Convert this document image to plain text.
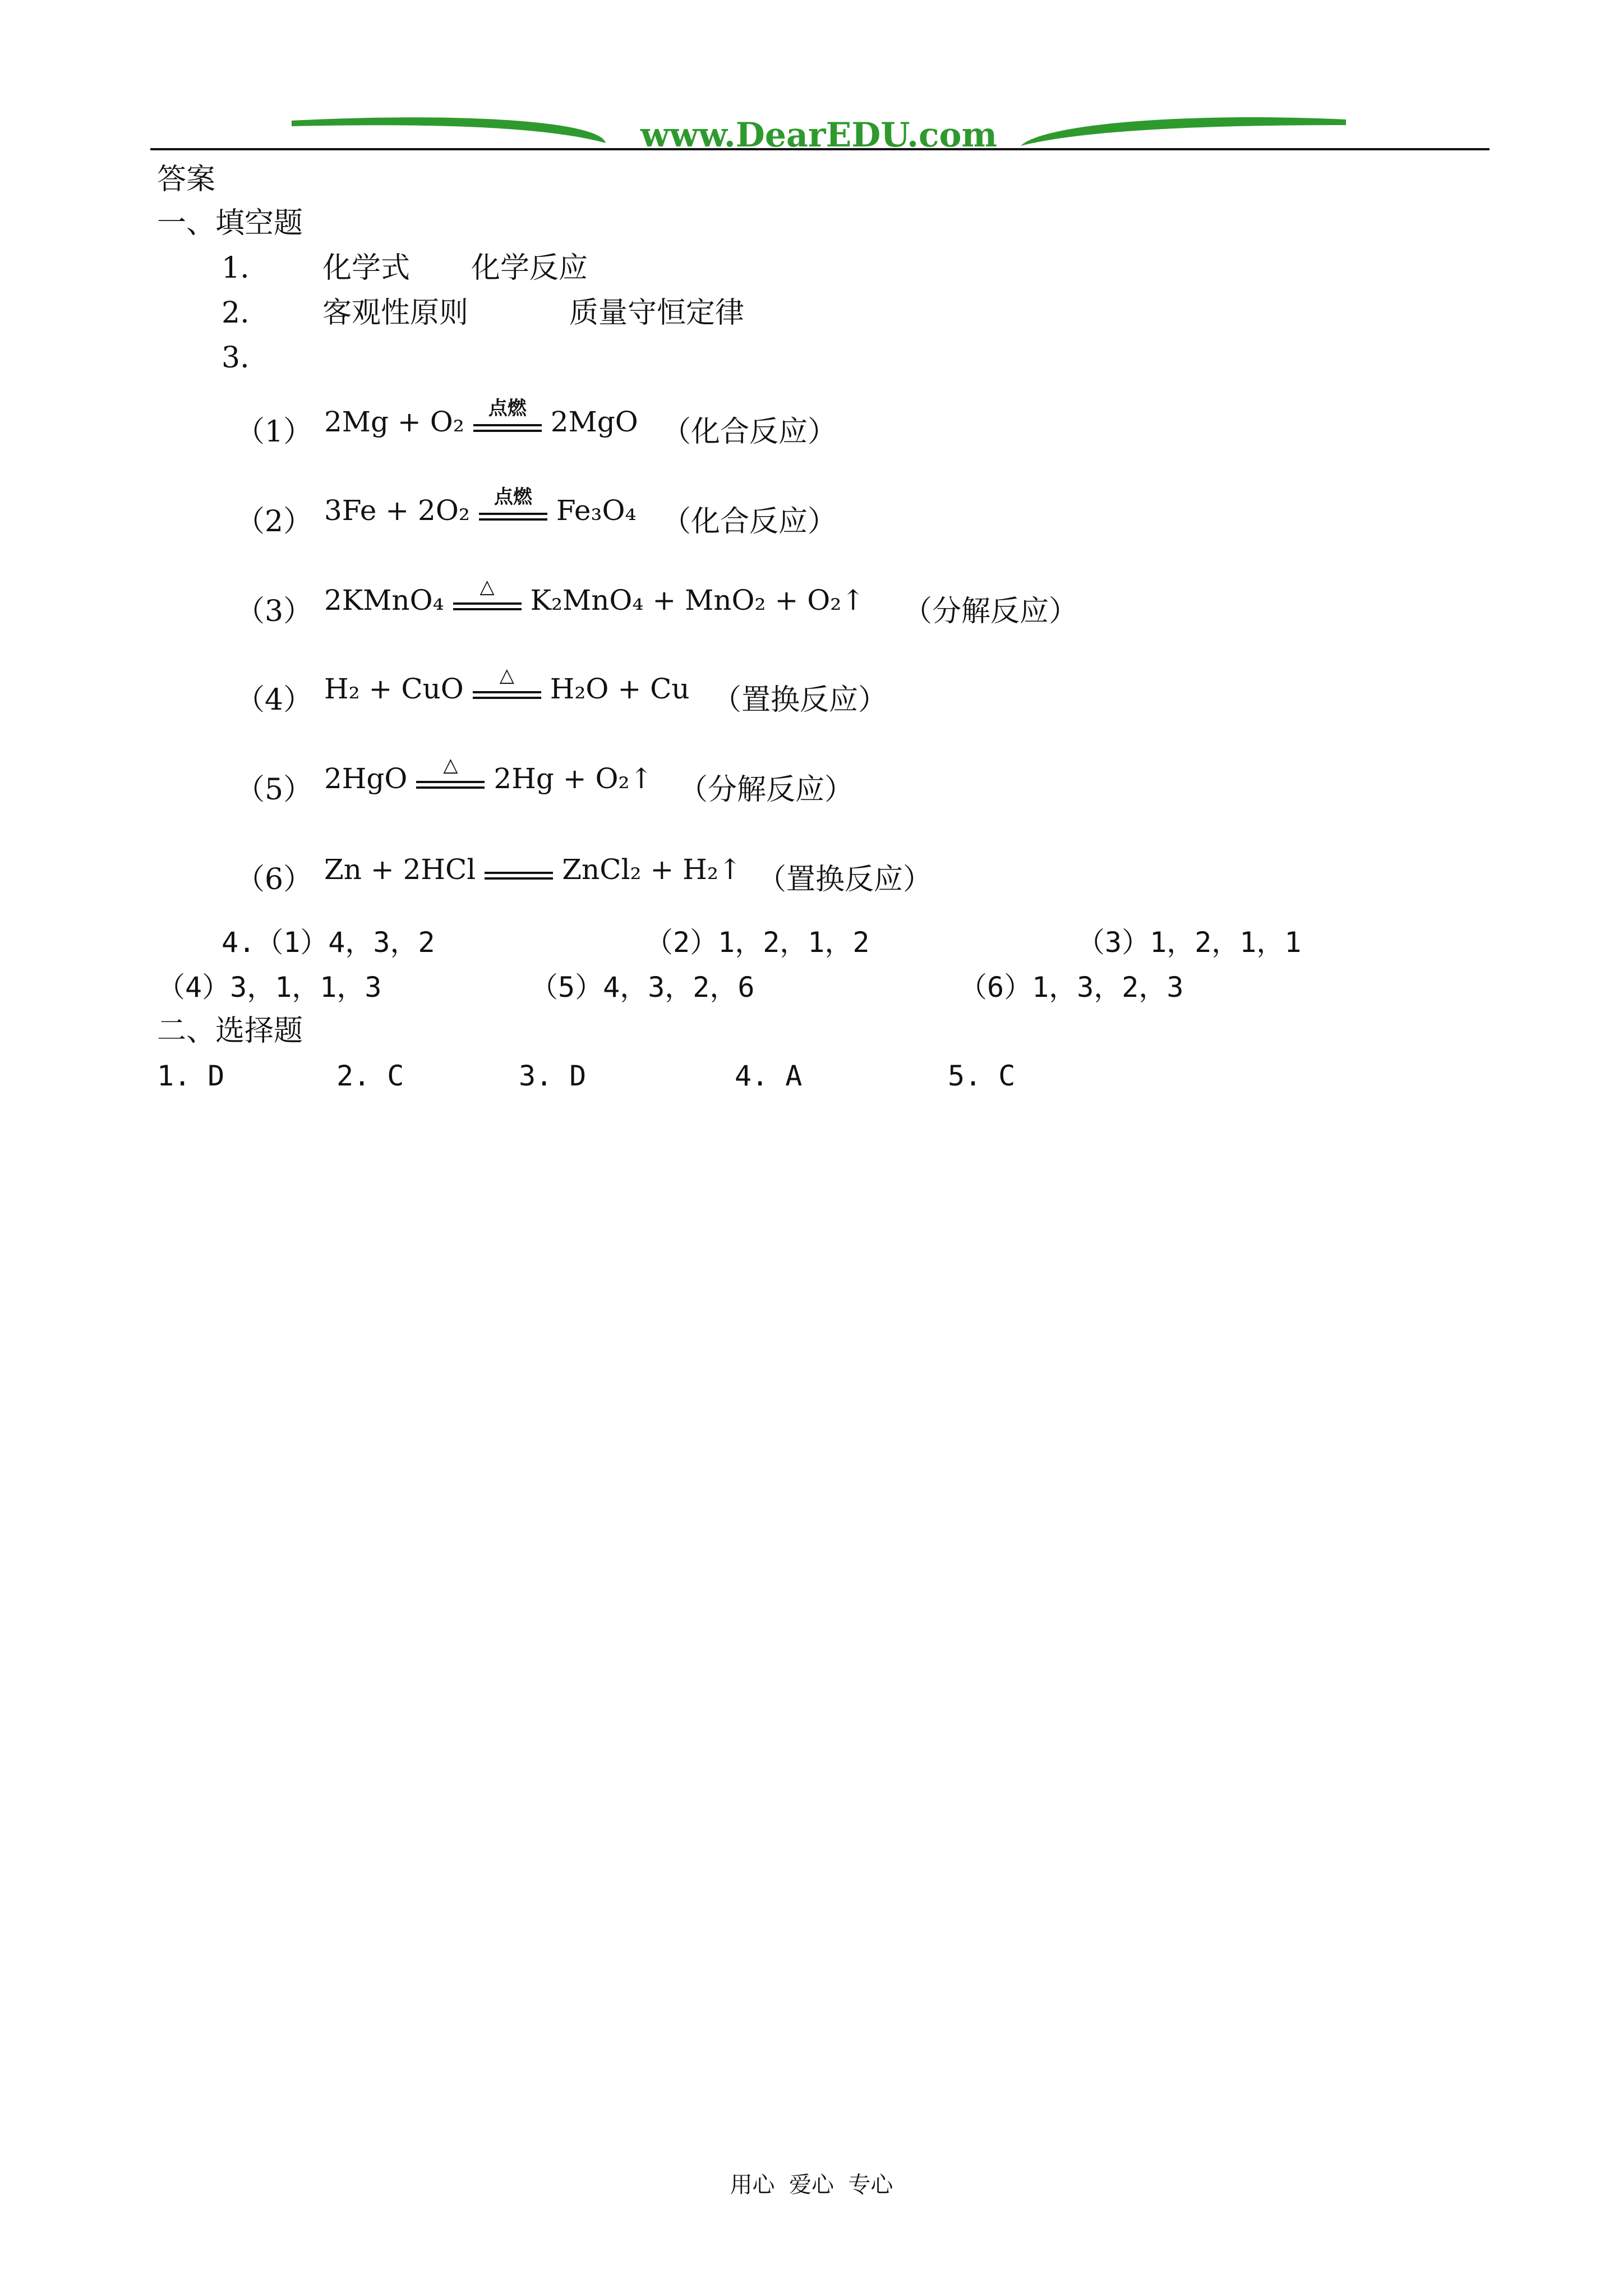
www.DearEDU.com
答案
一、填空题
1.	化学式 化学反应
2.	客观性原则	质量守恒定律
3.
（1） 2Mg + O₂	点燃 2MgO （化合反应）
（2） 3Fe + 2O₂	点燃 Fe₃O₄ （化合反应）
（3） 2KMnO₄	△	K₂MnO₄ + MnO₂ + O₂↑ （分解反应）
（4） H₂ + CuO	△	H₂O + Cu （置换反应）
（5） 2HgO	△	2Hg + O₂↑ （分解反应）
（6） Zn + 2HCl	ZnCl₂ + H₂↑ （置换反应）
4.（1）4，3，2	（2）1，2，1，2	（3）1，2，1，1
（4）3，1，1，3	（5）4，3，2，6	（6）1，3，2，3
二、选择题
1. D	2. C	3. D	4. A	5. C
用心  爱心  专心
